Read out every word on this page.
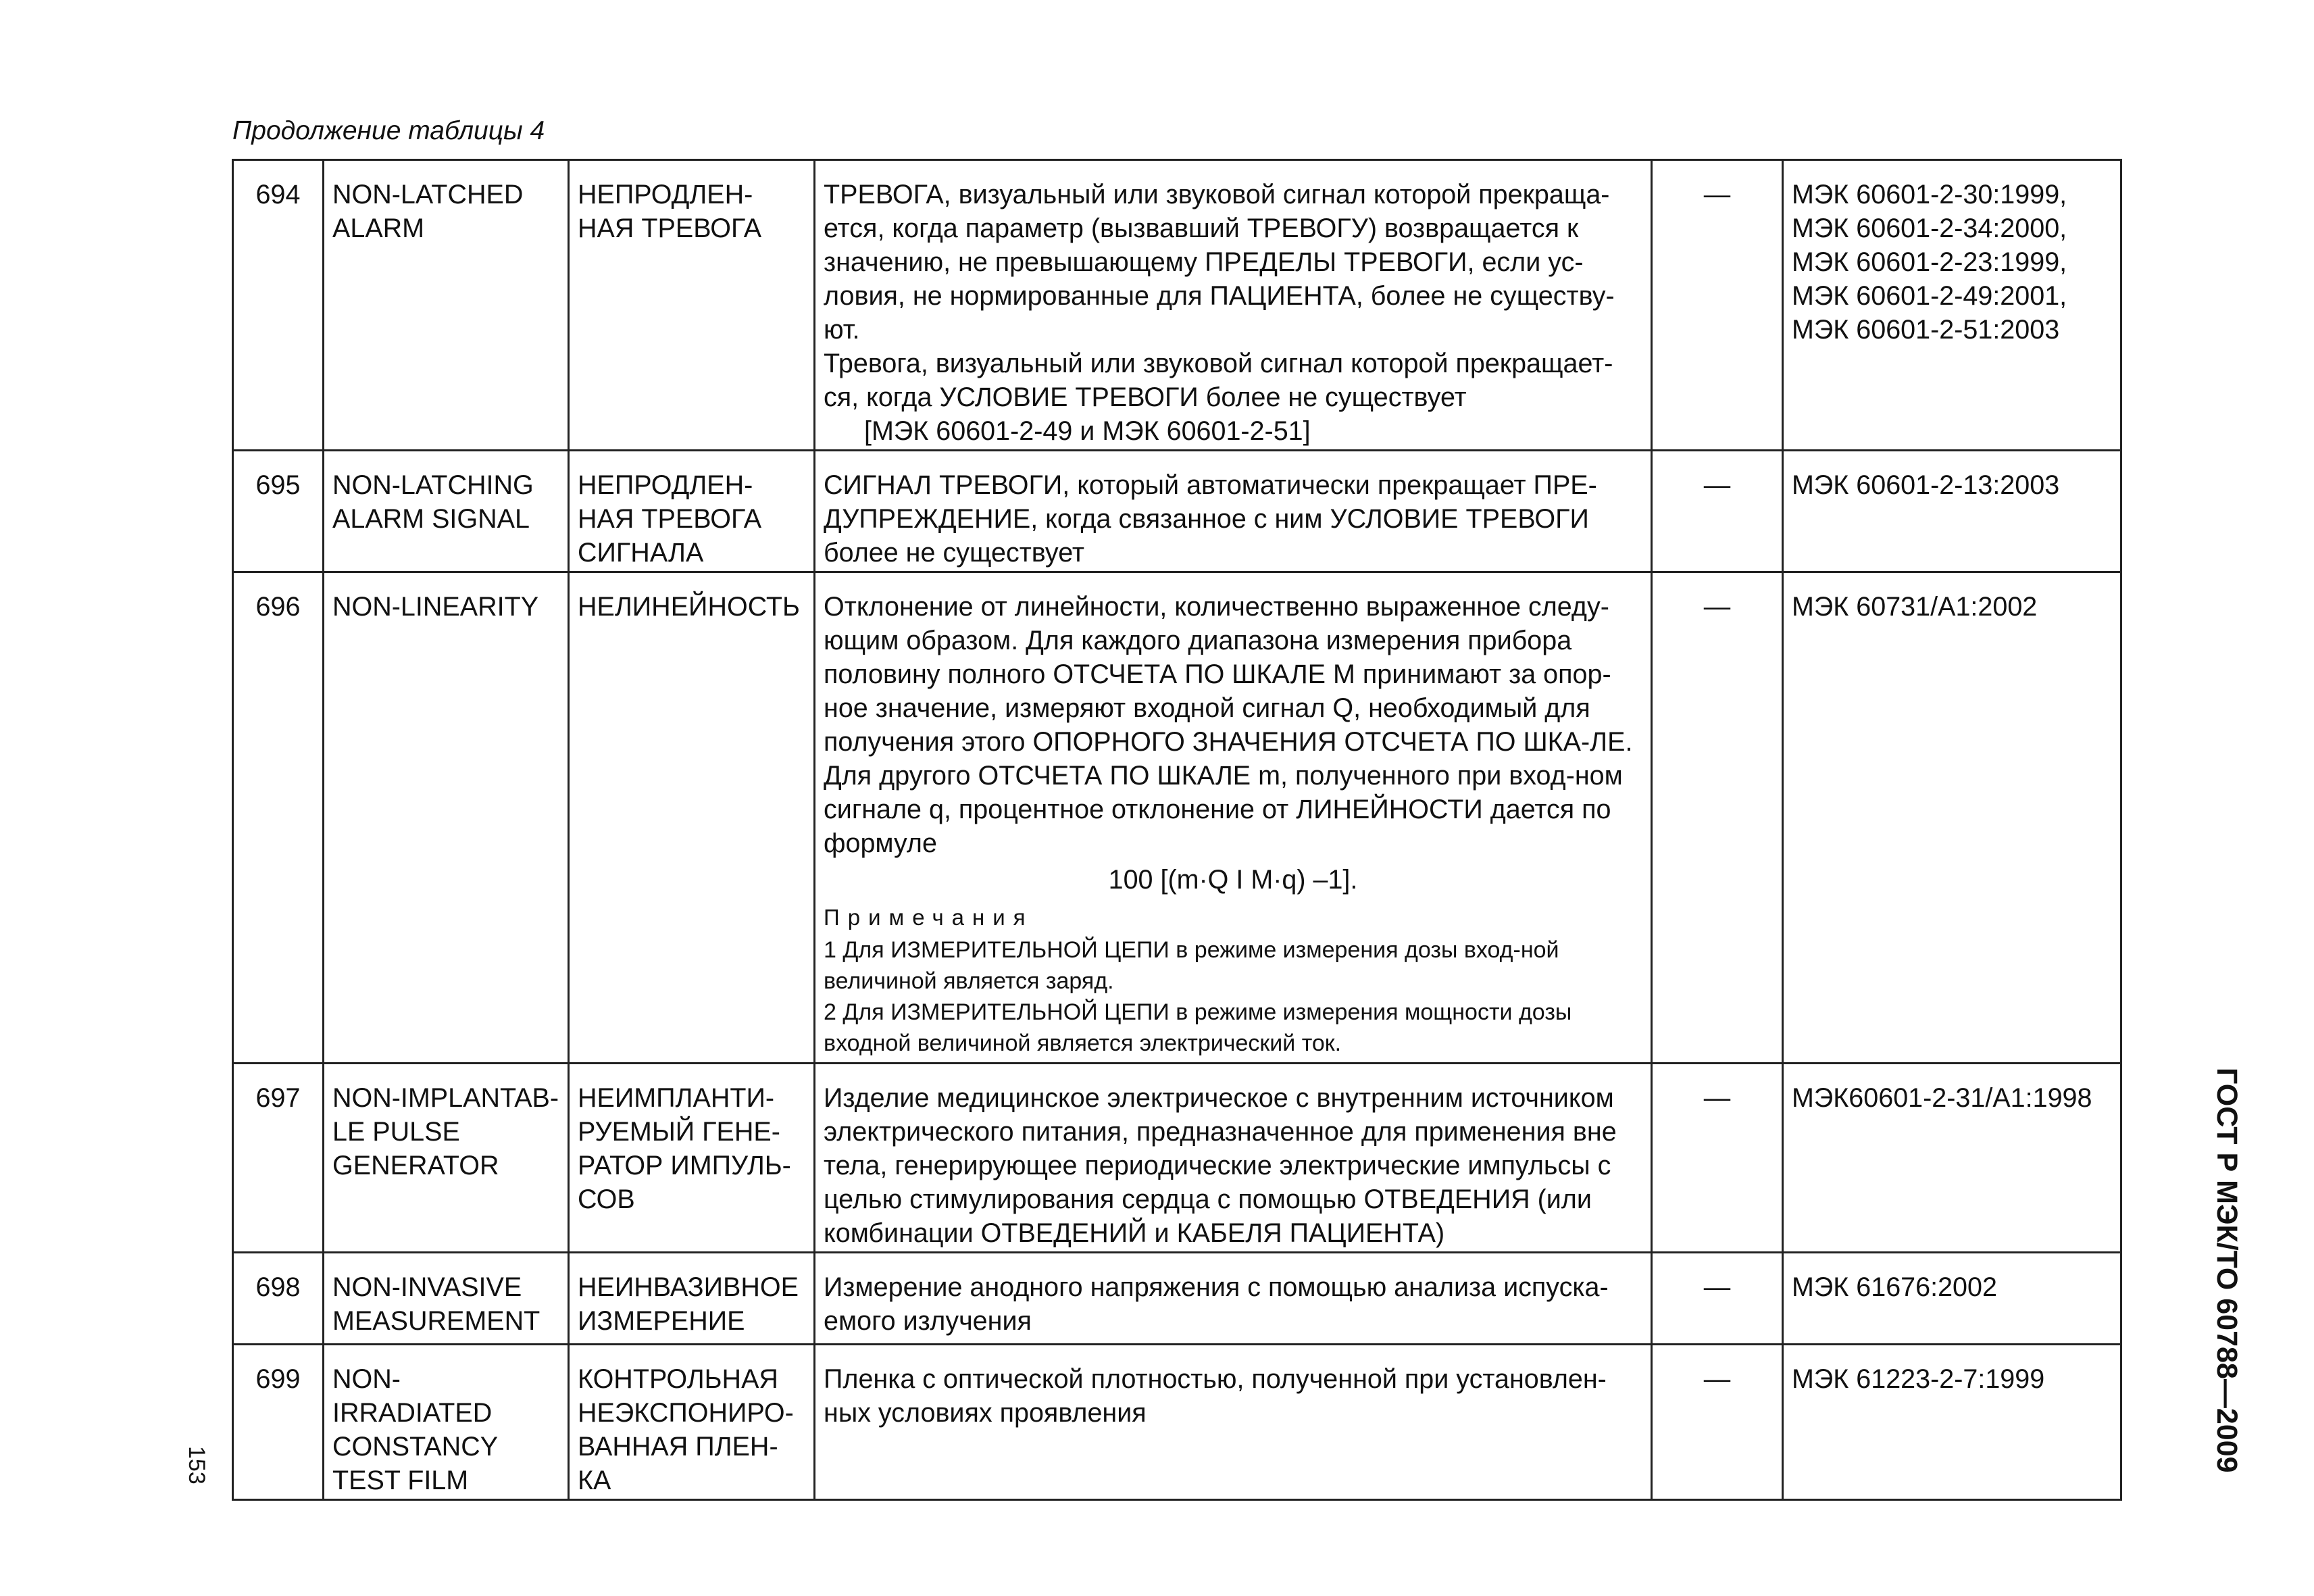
Продолжение таблицы 4
694	NON-LATCHED ALARM	НЕПРОДЛЕН-НАЯ ТРЕВОГА	ТРЕВОГА, визуальный или звуковой сигнал которой прекраща-ется, когда параметр (вызвавший ТРЕВОГУ) возвращается к значению, не превышающему ПРЕДЕЛЫ ТРЕВОГИ, если ус-ловия, не нормированные для ПАЦИЕНТА, более не существу-ют.
Тревога, визуальный или звуковой сигнал которой прекращает-ся, когда УСЛОВИЕ ТРЕВОГИ более не существует
[МЭК 60601-2-49 и МЭК 60601-2-51]	—	МЭК 60601-2-30:1999, МЭК 60601-2-34:2000, МЭК 60601-2-23:1999, МЭК 60601-2-49:2001, МЭК 60601-2-51:2003
695	NON-LATCHING ALARM SIGNAL	НЕПРОДЛЕН-НАЯ ТРЕВОГА СИГНАЛА	СИГНАЛ ТРЕВОГИ, который автоматически прекращает ПРЕ-ДУПРЕЖДЕНИЕ, когда связанное с ним УСЛОВИЕ ТРЕВОГИ более не существует	—	МЭК 60601-2-13:2003
696	NON-LINEARITY	НЕЛИНЕЙНОСТЬ	Отклонение от линейности, количественно выраженное следу-ющим образом. Для каждого диапазона измерения прибора половину полного ОТСЧЕТА ПО ШКАЛЕ М принимают за опор-ное значение, измеряют входной сигнал Q, необходимый для получения этого ОПОРНОГО ЗНАЧЕНИЯ ОТСЧЕТА ПО ШКА-ЛЕ. Для другого ОТСЧЕТА ПО ШКАЛЕ m, полученного при вход-ном сигнале q, процентное отклонение от ЛИНЕЙНОСТИ дается по формуле
100 [(m·Q I M·q) –1].
Примечания
1 Для ИЗМЕРИТЕЛЬНОЙ ЦЕПИ в режиме измерения дозы вход-ной величиной является заряд.
2 Для ИЗМЕРИТЕЛЬНОЙ ЦЕПИ в режиме измерения мощности дозы входной величиной является электрический ток.	—	МЭК 60731/А1:2002
697	NON-IMPLANTAB-LE PULSE GENERATOR	НЕИМПЛАНТИ-РУЕМЫЙ ГЕНЕ-РАТОР ИМПУЛЬ-СОВ	Изделие медицинское электрическое с внутренним источником электрического питания, предназначенное для применения вне тела, генерирующее периодические электрические импульсы с целью стимулирования сердца с помощью ОТВЕДЕНИЯ (или комбинации ОТВЕДЕНИЙ и КАБЕЛЯ ПАЦИЕНТА)	—	МЭК60601-2-31/А1:1998
698	NON-INVASIVE MEASUREMENT	НЕИНВАЗИВНОЕ ИЗМЕРЕНИЕ	Измерение анодного напряжения с помощью анализа испуска-емого излучения	—	МЭК 61676:2002
699	NON-IRRADIATED CONSTANCY TEST FILM	КОНТРОЛЬНАЯ НЕЭКСПОНИРО-ВАННАЯ ПЛЕН-КА	Пленка с оптической плотностью, полученной при установлен-ных условиях проявления	—	МЭК 61223-2-7:1999
153	ГОСТ Р МЭК/ТО 60788—2009
